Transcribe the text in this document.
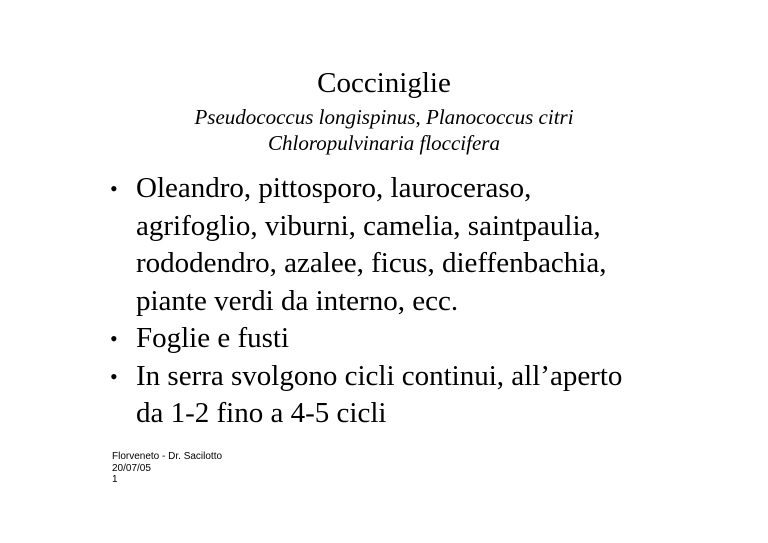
Cocciniglie
Pseudococcus longispinus, Planococcus citri
Chloropulvinaria floccifera
• Oleandro, pittosporo, lauroceraso,
agrifoglio, viburni, camelia, saintpaulia,
rododendro, azalee, ficus, dieffenbachia,
piante verdi da interno, ecc.
• Foglie e fusti
• In serra svolgono cicli continui, all’aperto
da 1-2 fino a 4-5 cicli
Florveneto - Dr. Sacilotto
20/07/05
1
